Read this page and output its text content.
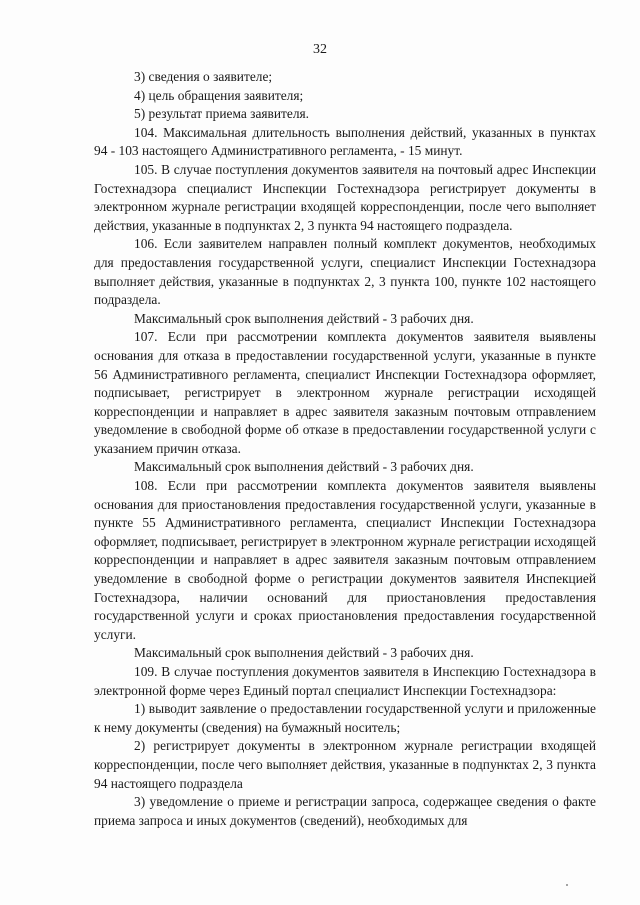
32

3) сведения о заявителе;

4) цель обращения заявителя;

5) результат приема заявителя.

104. Максимальная длительность выполнения действий, указанных в пунктах 94 - 103 настоящего Административного регламента, - 15 минут.

105. В случае поступления документов заявителя на почтовый адрес Инспекции Гостехнадзора специалист Инспекции Гостехнадзора регистрирует документы в электронном журнале регистрации входящей корреспонденции, после чего выполняет действия, указанные в подпунктах 2, 3 пункта 94 настоящего подраздела.

106. Если заявителем направлен полный комплект документов, необходимых для предоставления государственной услуги, специалист Инспекции Гостехнадзора выполняет действия, указанные в подпунктах 2, 3 пункта 100, пункте 102 настоящего подраздела.

Максимальный срок выполнения действий - 3 рабочих дня.

107. Если при рассмотрении комплекта документов заявителя выявлены основания для отказа в предоставлении государственной услуги, указанные в пункте 56 Административного регламента, специалист Инспекции Гостехнадзора оформляет, подписывает, регистрирует в электронном журнале регистрации исходящей корреспонденции и направляет в адрес заявителя заказным почтовым отправлением уведомление в свободной форме об отказе в предоставлении государственной услуги с указанием причин отказа.

Максимальный срок выполнения действий - 3 рабочих дня.

108. Если при рассмотрении комплекта документов заявителя выявлены основания для приостановления предоставления государственной услуги, указанные в пункте 55 Административного регламента, специалист Инспекции Гостехнадзора оформляет, подписывает, регистрирует в электронном журнале регистрации исходящей корреспонденции и направляет в адрес заявителя заказным почтовым отправлением уведомление в свободной форме о регистрации документов заявителя Инспекцией Гостехнадзора, наличии оснований для приостановления предоставления государственной услуги и сроках приостановления предоставления государственной услуги.

Максимальный срок выполнения действий - 3 рабочих дня.

109. В случае поступления документов заявителя в Инспекцию Гостехнадзора в электронной форме через Единый портал специалист Инспекции Гостехнадзора:

1) выводит заявление о предоставлении государственной услуги и приложенные к нему документы (сведения) на бумажный носитель;

2) регистрирует документы в электронном журнале регистрации входящей корреспонденции, после чего выполняет действия, указанные в подпунктах 2, 3 пункта 94 настоящего подраздела

3) уведомление о приеме и регистрации запроса, содержащее сведения о факте приема запроса и иных документов (сведений), необходимых для
